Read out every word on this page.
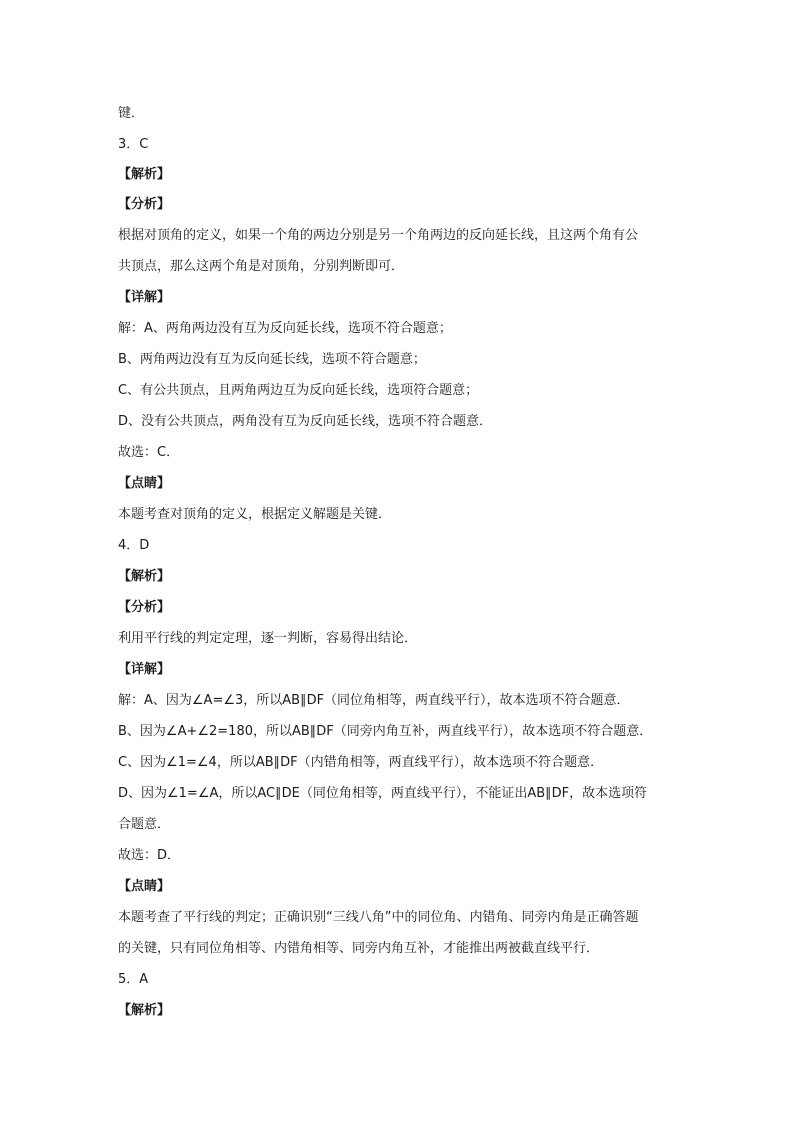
键．
3．C
【解析】
【分析】
根据对顶角的定义，如果一个角的两边分别是另一个角两边的反向延长线，且这两个角有公
共顶点，那么这两个角是对顶角，分别判断即可．
【详解】
解：A、两角两边没有互为反向延长线，选项不符合题意；
B、两角两边没有互为反向延长线，选项不符合题意；
C、有公共顶点，且两角两边互为反向延长线，选项符合题意；
D、没有公共顶点，两角没有互为反向延长线，选项不符合题意．
故选：C．
【点睛】
本题考查对顶角的定义，根据定义解题是关键．
4．D
【解析】
【分析】
利用平行线的判定定理，逐一判断，容易得出结论．
【详解】
解：A、因为∠A=∠3，所以AB∥DF（同位角相等，两直线平行），故本选项不符合题意．
B、因为∠A+∠2=180，所以AB∥DF（同旁内角互补，两直线平行），故本选项不符合题意．
C、因为∠1=∠4，所以AB∥DF（内错角相等，两直线平行），故本选项不符合题意．
D、因为∠1=∠A，所以AC∥DE（同位角相等，两直线平行），不能证出AB∥DF，故本选项符
合题意．
故选：D．
【点睛】
本题考查了平行线的判定；正确识别“三线八角”中的同位角、内错角、同旁内角是正确答题
的关键，只有同位角相等、内错角相等、同旁内角互补，才能推出两被截直线平行．
5．A
【解析】
